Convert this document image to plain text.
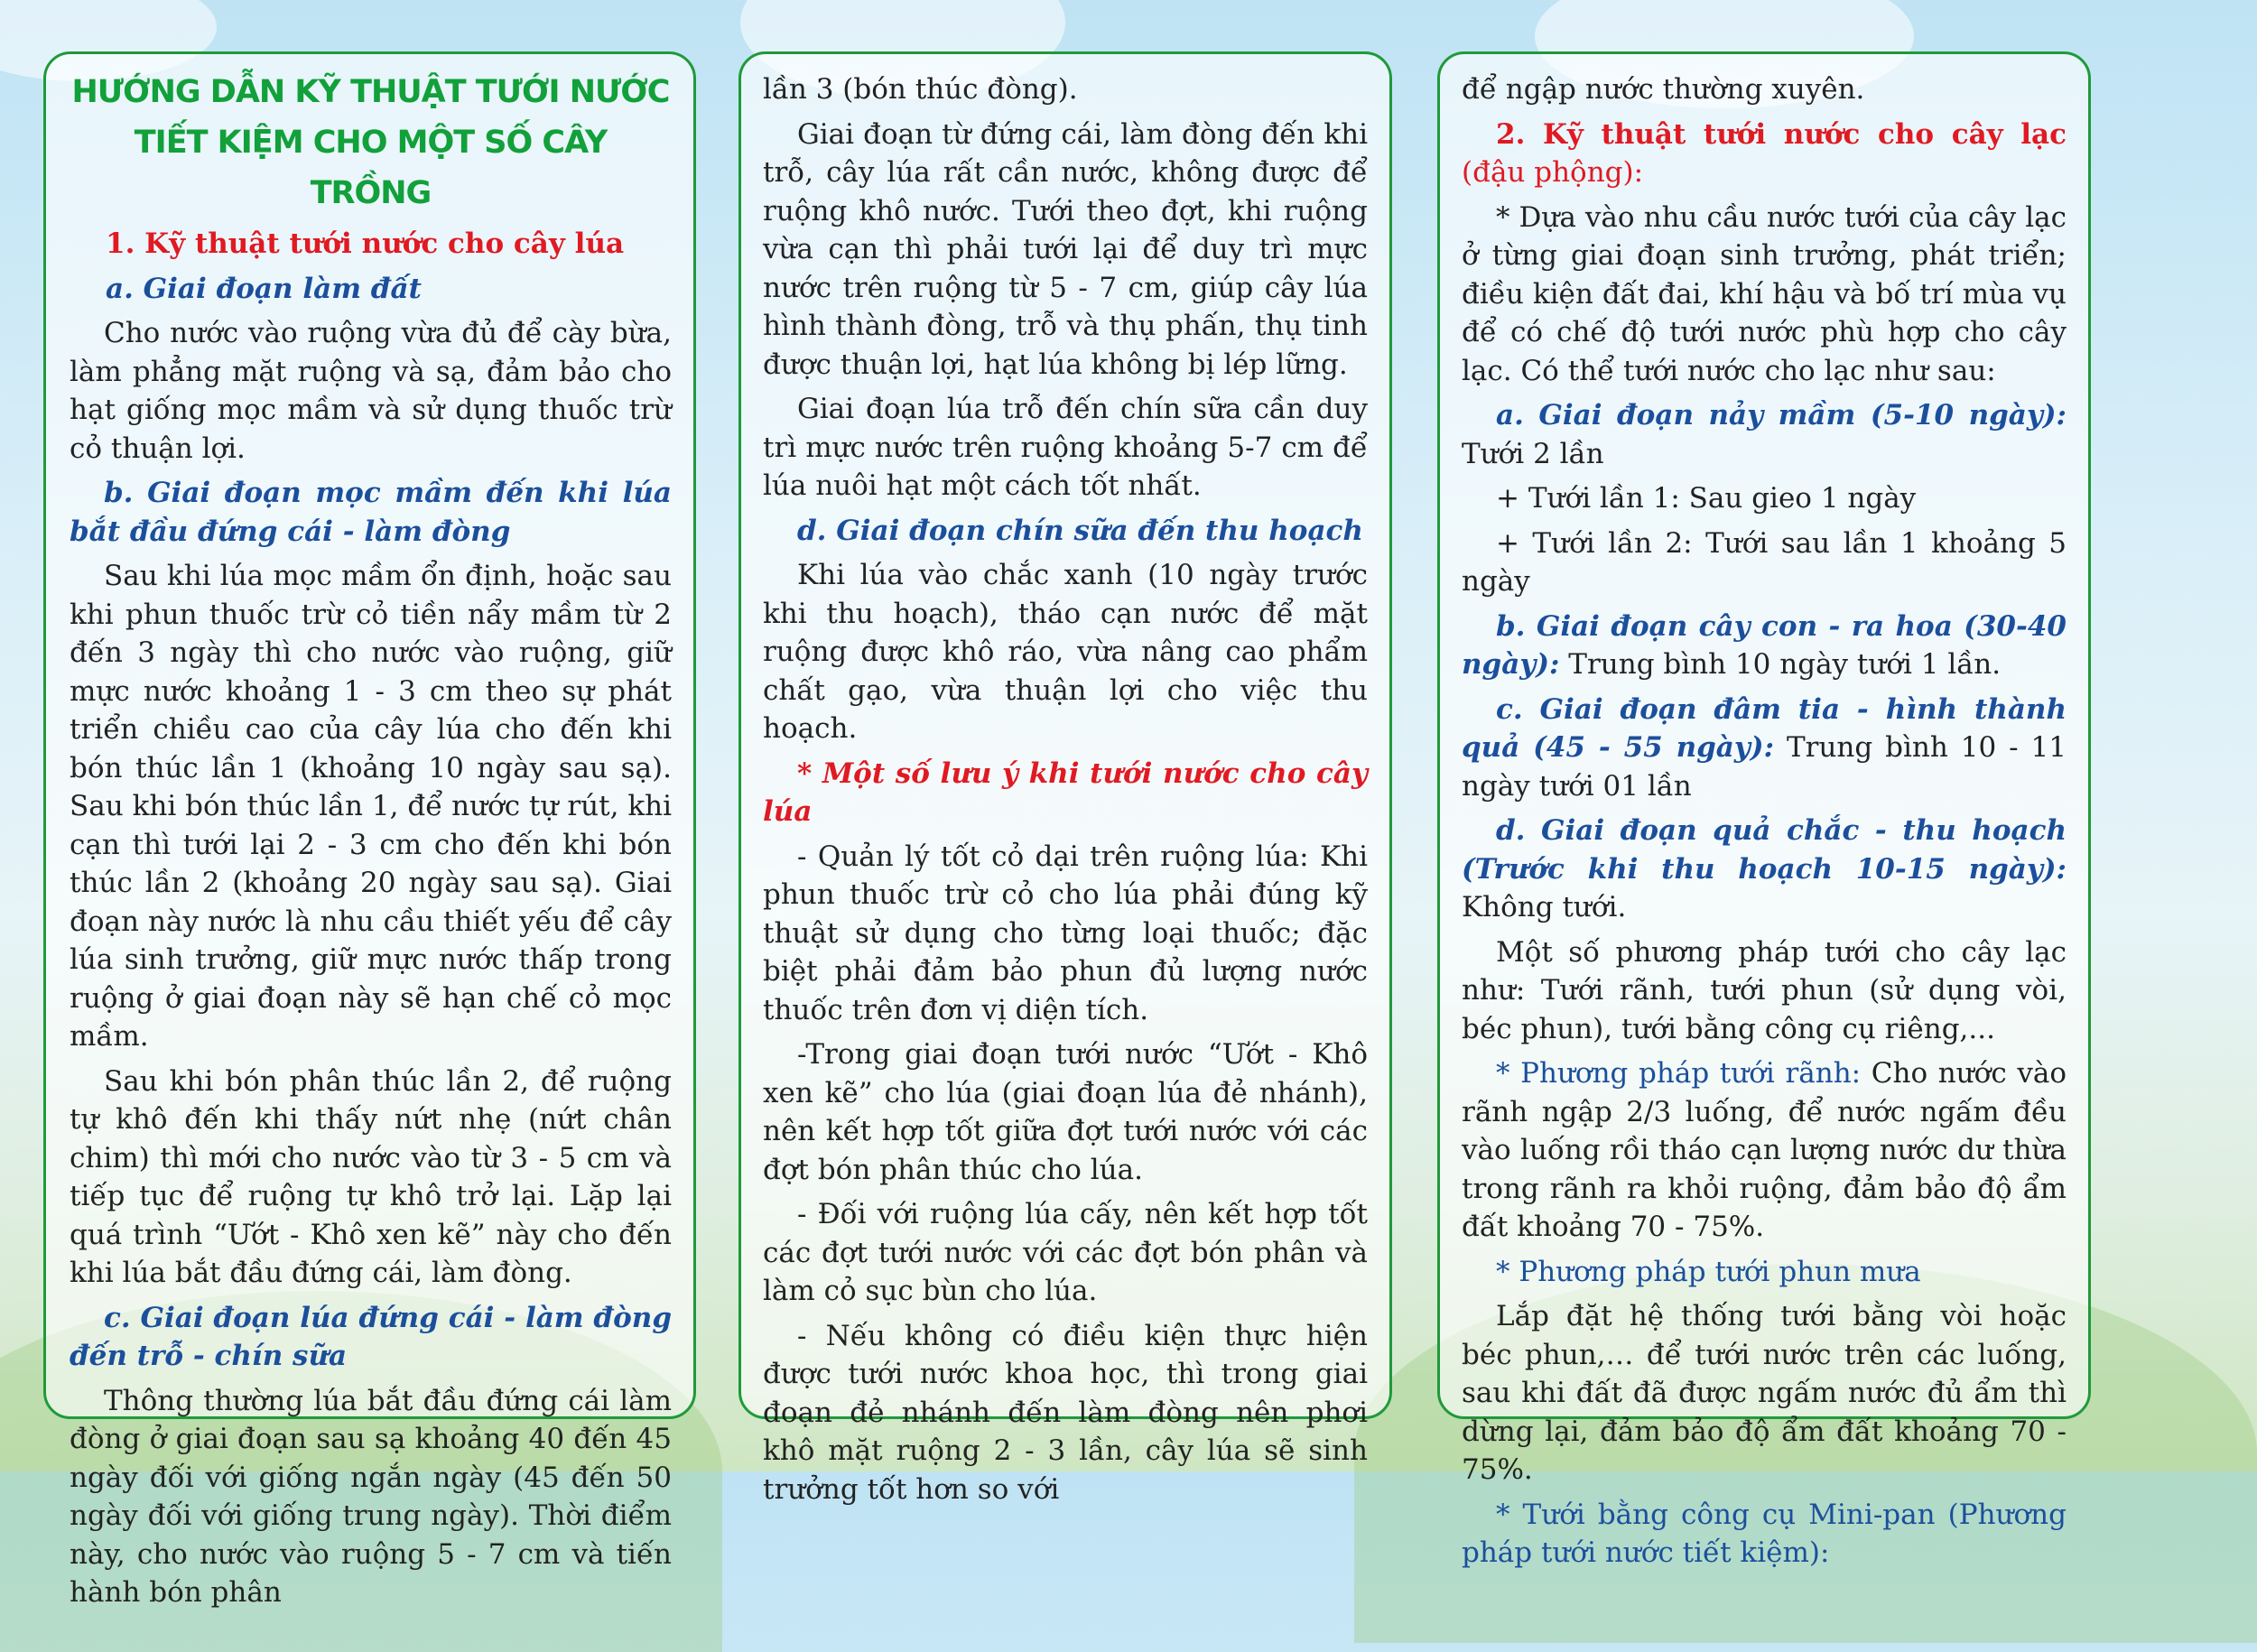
HƯỚNG DẪN KỸ THUẬT TƯỚI NƯỚC
TIẾT KIỆM CHO MỘT SỐ CÂY TRỒNG

1. Kỹ thuật tưới nước cho cây lúa

a. Giai đoạn làm đất

Cho nước vào ruộng vừa đủ để cày bừa, làm phẳng mặt ruộng và sạ, đảm bảo cho hạt giống mọc mầm và sử dụng thuốc trừ cỏ thuận lợi.

b. Giai đoạn mọc mầm đến khi lúa bắt đầu đứng cái - làm đòng

Sau khi lúa mọc mầm ổn định, hoặc sau khi phun thuốc trừ cỏ tiền nẩy mầm từ 2 đến 3 ngày thì cho nước vào ruộng, giữ mực nước khoảng 1 - 3 cm theo sự phát triển chiều cao của cây lúa cho đến khi bón thúc lần 1 (khoảng 10 ngày sau sạ). Sau khi bón thúc lần 1, để nước tự rút, khi cạn thì tưới lại 2 - 3 cm cho đến khi bón thúc lần 2 (khoảng 20 ngày sau sạ). Giai đoạn này nước là nhu cầu thiết yếu để cây lúa sinh trưởng, giữ mực nước thấp trong ruộng ở giai đoạn này sẽ hạn chế cỏ mọc mầm.

Sau khi bón phân thúc lần 2, để ruộng tự khô đến khi thấy nứt nhẹ (nứt chân chim) thì mới cho nước vào từ 3 - 5 cm và tiếp tục để ruộng tự khô trở lại. Lặp lại quá trình “Ướt - Khô xen kẽ” này cho đến khi lúa bắt đầu đứng cái, làm đòng.

c. Giai đoạn lúa đứng cái - làm đòng đến trỗ - chín sữa

Thông thường lúa bắt đầu đứng cái làm đòng ở giai đoạn sau sạ khoảng 40 đến 45 ngày đối với giống ngắn ngày (45 đến 50 ngày đối với giống trung ngày). Thời điểm này, cho nước vào ruộng 5 - 7 cm và tiến hành bón phân

lần 3 (bón thúc đòng).

Giai đoạn từ đứng cái, làm đòng đến khi trỗ, cây lúa rất cần nước, không được để ruộng khô nước. Tưới theo đợt, khi ruộng vừa cạn thì phải tưới lại để duy trì mực nước trên ruộng từ 5 - 7 cm, giúp cây lúa hình thành đòng, trỗ và thụ phấn, thụ tinh được thuận lợi, hạt lúa không bị lép lững.

Giai đoạn lúa trỗ đến chín sữa cần duy trì mực nước trên ruộng khoảng 5-7 cm để lúa nuôi hạt một cách tốt nhất.

d. Giai đoạn chín sữa đến thu hoạch

Khi lúa vào chắc xanh (10 ngày trước khi thu hoạch), tháo cạn nước để mặt ruộng được khô ráo, vừa nâng cao phẩm chất gạo, vừa thuận lợi cho việc thu hoạch.

* Một số lưu ý khi tưới nước cho cây lúa

- Quản lý tốt cỏ dại trên ruộng lúa: Khi phun thuốc trừ cỏ cho lúa phải đúng kỹ thuật sử dụng cho từng loại thuốc; đặc biệt phải đảm bảo phun đủ lượng nước thuốc trên đơn vị diện tích.

-Trong giai đoạn tưới nước “Ướt - Khô xen kẽ” cho lúa (giai đoạn lúa đẻ nhánh), nên kết hợp tốt giữa đợt tưới nước với các đợt bón phân thúc cho lúa.

- Đối với ruộng lúa cấy, nên kết hợp tốt các đợt tưới nước với các đợt bón phân và làm cỏ sục bùn cho lúa.

- Nếu không có điều kiện thực hiện được tưới nước khoa học, thì trong giai đoạn đẻ nhánh đến làm đòng nên phơi khô mặt ruộng 2 - 3 lần, cây lúa sẽ sinh trưởng tốt hơn so với

để ngập nước thường xuyên.

2. Kỹ thuật tưới nước cho cây lạc (đậu phộng):

* Dựa vào nhu cầu nước tưới của cây lạc ở từng giai đoạn sinh trưởng, phát triển; điều kiện đất đai, khí hậu và bố trí mùa vụ để có chế độ tưới nước phù hợp cho cây lạc. Có thể tưới nước cho lạc như sau:

a. Giai đoạn nảy mầm (5-10 ngày): Tưới 2 lần

+ Tưới lần 1: Sau gieo 1 ngày

+ Tưới lần 2: Tưới sau lần 1 khoảng 5 ngày

b. Giai đoạn cây con - ra hoa (30-40 ngày): Trung bình 10 ngày tưới 1 lần.

c. Giai đoạn đâm tia - hình thành quả (45 - 55 ngày): Trung bình 10 - 11 ngày tưới 01 lần

d. Giai đoạn quả chắc - thu hoạch (Trước khi thu hoạch 10-15 ngày): Không tưới.

Một số phương pháp tưới cho cây lạc như: Tưới rãnh, tưới phun (sử dụng vòi, béc phun), tưới bằng công cụ riêng,...

* Phương pháp tưới rãnh: Cho nước vào rãnh ngập 2/3 luống, để nước ngấm đều vào luống rồi tháo cạn lượng nước dư thừa trong rãnh ra khỏi ruộng, đảm bảo độ ẩm đất khoảng 70 - 75%.

* Phương pháp tưới phun mưa

Lắp đặt hệ thống tưới bằng vòi hoặc béc phun,… để tưới nước trên các luống, sau khi đất đã được ngấm nước đủ ẩm thì dừng lại, đảm bảo độ ẩm đất khoảng 70 - 75%.

* Tưới bằng công cụ Mini-pan (Phương pháp tưới nước tiết kiệm):
